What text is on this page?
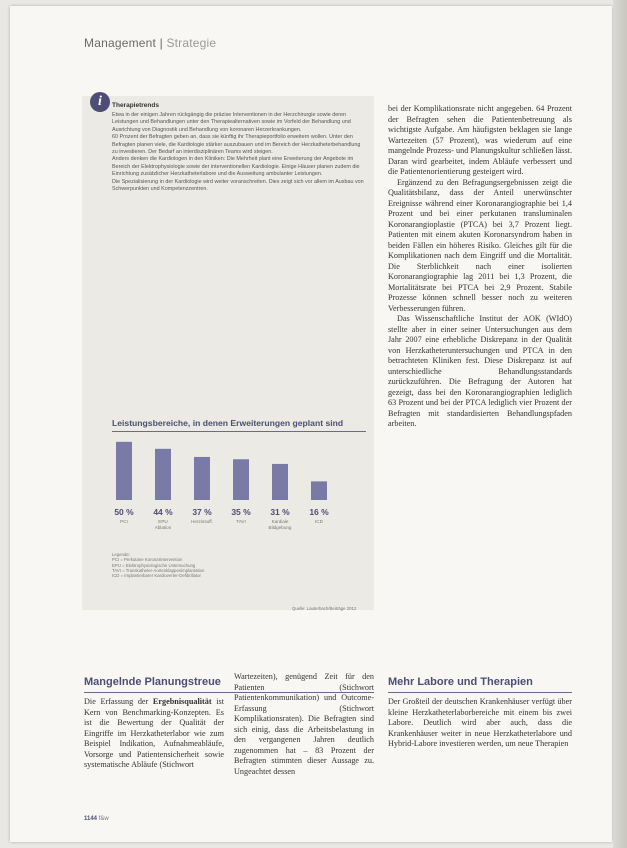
Management | Strategie
i	Therapietrends

Etwa in der einigen Jahren rückgängig die präzise Interventionen in der Herzchirurgie sowie deren Leistungen und Behandlungen unter den Therapiealternativen sowie im Vorfeld der Behandlung und Ausrichtung von Diagnostik und Behandlung von koronaren Herzerkrankungen.

60 Prozent der Befragten geben an, dass sie künftig ihr Therapieportfolio erweitern wollen. Unter den Befragten planen viele, die Kardiologie stärker auszubauen und im Bereich der Herzkatheterbehandlung zu investieren. Der Bedarf an interdisziplinären Teams wird steigen.

Anders denken die Kardiologen in den Kliniken: Die Mehrheit plant eine Erweiterung der Angebote im Bereich der Elektrophysiologie sowie der interventionellen Kardiologie. Einige Häuser planen zudem die Einrichtung zusätzlicher Herzkatheterlabore und die Ausweitung ambulanter Leistungen.

Die Spezialisierung in der Kardiologie wird weiter voranschreiten. Dies zeigt sich vor allem im Ausbau von Schwerpunkten und Kompetenzzentren.

Leistungsbereiche, in denen Erweiterungen geplant sind
50 %
PCI
44 %
EPU
Ablation
37 %
Herzinsuff.
35 %
TAVI
31 %
Kardiale
Bildgebung
16 %
ICD
Legende:
PCI = Perkutane Koronarintervention
EPU = Elektrophysiologische Untersuchung
TAVI = Transkatheter-Aortenklappenimplantation
ICD = Implantierbarer Kardioverter-Defibrillator
Quelle: Lauterbach/Beiträge 2012

bei der Komplikationsrate nicht angegeben. 64 Prozent der Befragten sehen die Patientenbetreuung als wichtigste Aufgabe. Am häufigsten beklagen sie lange Wartezeiten (57 Prozent), was wiederum auf eine mangelnde Prozess- und Planungskultur schließen lässt. Daran wird gearbeitet, indem Abläufe verbessert und die Patientenorientierung gesteigert wird.

Ergänzend zu den Befragungsergebnissen zeigt die Qualitätsbilanz, dass der Anteil unerwünschter Ereignisse während einer Koronarangiographie bei 1,4 Prozent und bei einer perkutanen transluminalen Koronarangioplastie (PTCA) bei 3,7 Prozent liegt. Patienten mit einem akuten Koronarsyndrom haben in beiden Fällen ein höheres Risiko. Gleiches gilt für die Komplikationen nach dem Eingriff und die Mortalität. Die Sterblichkeit nach einer isolierten Koronarangiographie lag 2011 bei 1,3 Prozent, die Mortalitätsrate bei PTCA bei 2,9 Prozent. Stabile Prozesse können schnell besser noch zu weiteren Verbesserungen führen.

Das Wissenschaftliche Institut der AOK (WIdO) stellte aber in einer seiner Untersuchungen aus dem Jahr 2007 eine erhebliche Diskrepanz in der Qualität von Herzkatheteruntersuchungen und PTCA in den betrachteten Kliniken fest. Diese Diskrepanz ist auf unterschiedliche Behandlungsstandards zurückzuführen. Die Befragung der Autoren hat gezeigt, dass bei den Koronarangiographien lediglich 63 Prozent und bei der PTCA lediglich vier Prozent der Befragten mit standardisierten Behandlungspfaden arbeiten.

Mangelnde Planungstreue

Die Erfassung der Ergebnisqualität ist Kern von Benchmarking-Konzepten. Es ist die Bewertung der Qualität der Eingriffe im Herzkatheterlabor wie zum Beispiel Indikation, Aufnahmeabläufe, Vorsorge und Patientensicherheit sowie systematische Abläufe (Stichwort

Wartezeiten), genügend Zeit für den Patienten (Stichwort Patientenkommunikation) und Outcome-Erfassung (Stichwort Komplikationsraten). Die Befragten sind sich einig, dass die Arbeitsbelastung in den vergangenen Jahren deutlich zugenommen hat – 83 Prozent der Befragten stimmten dieser Aussage zu. Ungeachtet dessen

Mehr Labore und Therapien

Der Großteil der deutschen Krankenhäuser verfügt über kleine Herzkatheterlaborbereiche mit einem bis zwei Labore. Deutlich wird aber auch, dass die Krankenhäuser weiter in neue Herzkatheterlabore und Hybrid-Labore investieren werden, um neue Therapien

1144 f&w
